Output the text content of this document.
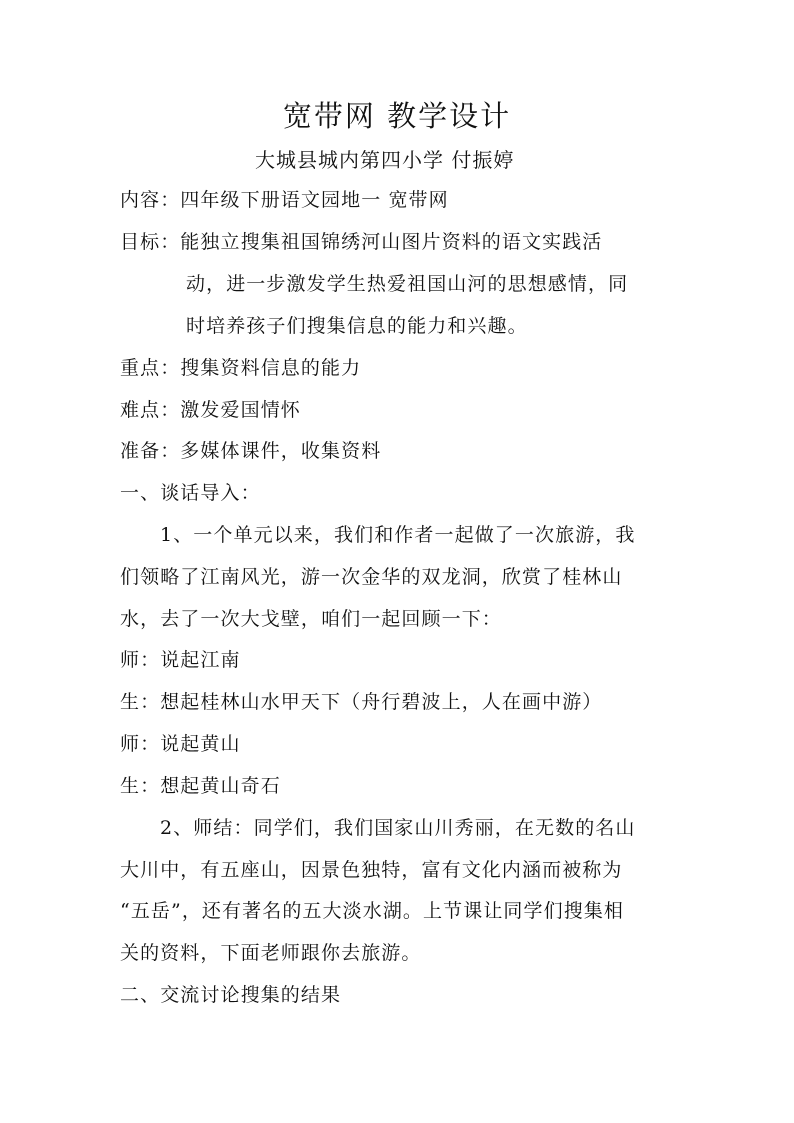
宽带网 教学设计
大城县城内第四小学 付振婷
内容：四年级下册语文园地一 宽带网
目标：能独立搜集祖国锦绣河山图片资料的语文实践活
动，进一步激发学生热爱祖国山河的思想感情，同
时培养孩子们搜集信息的能力和兴趣。
重点：搜集资料信息的能力
难点：激发爱国情怀
准备：多媒体课件，收集资料
一、谈话导入：
1、一个单元以来，我们和作者一起做了一次旅游，我
们领略了江南风光，游一次金华的双龙洞，欣赏了桂林山
水，去了一次大戈壁，咱们一起回顾一下：
师：说起江南
生：想起桂林山水甲天下（舟行碧波上，人在画中游）
师：说起黄山
生：想起黄山奇石
2、师结：同学们，我们国家山川秀丽，在无数的名山
大川中，有五座山，因景色独特，富有文化内涵而被称为
“五岳”，还有著名的五大淡水湖。上节课让同学们搜集相
关的资料，下面老师跟你去旅游。
二、交流讨论搜集的结果
